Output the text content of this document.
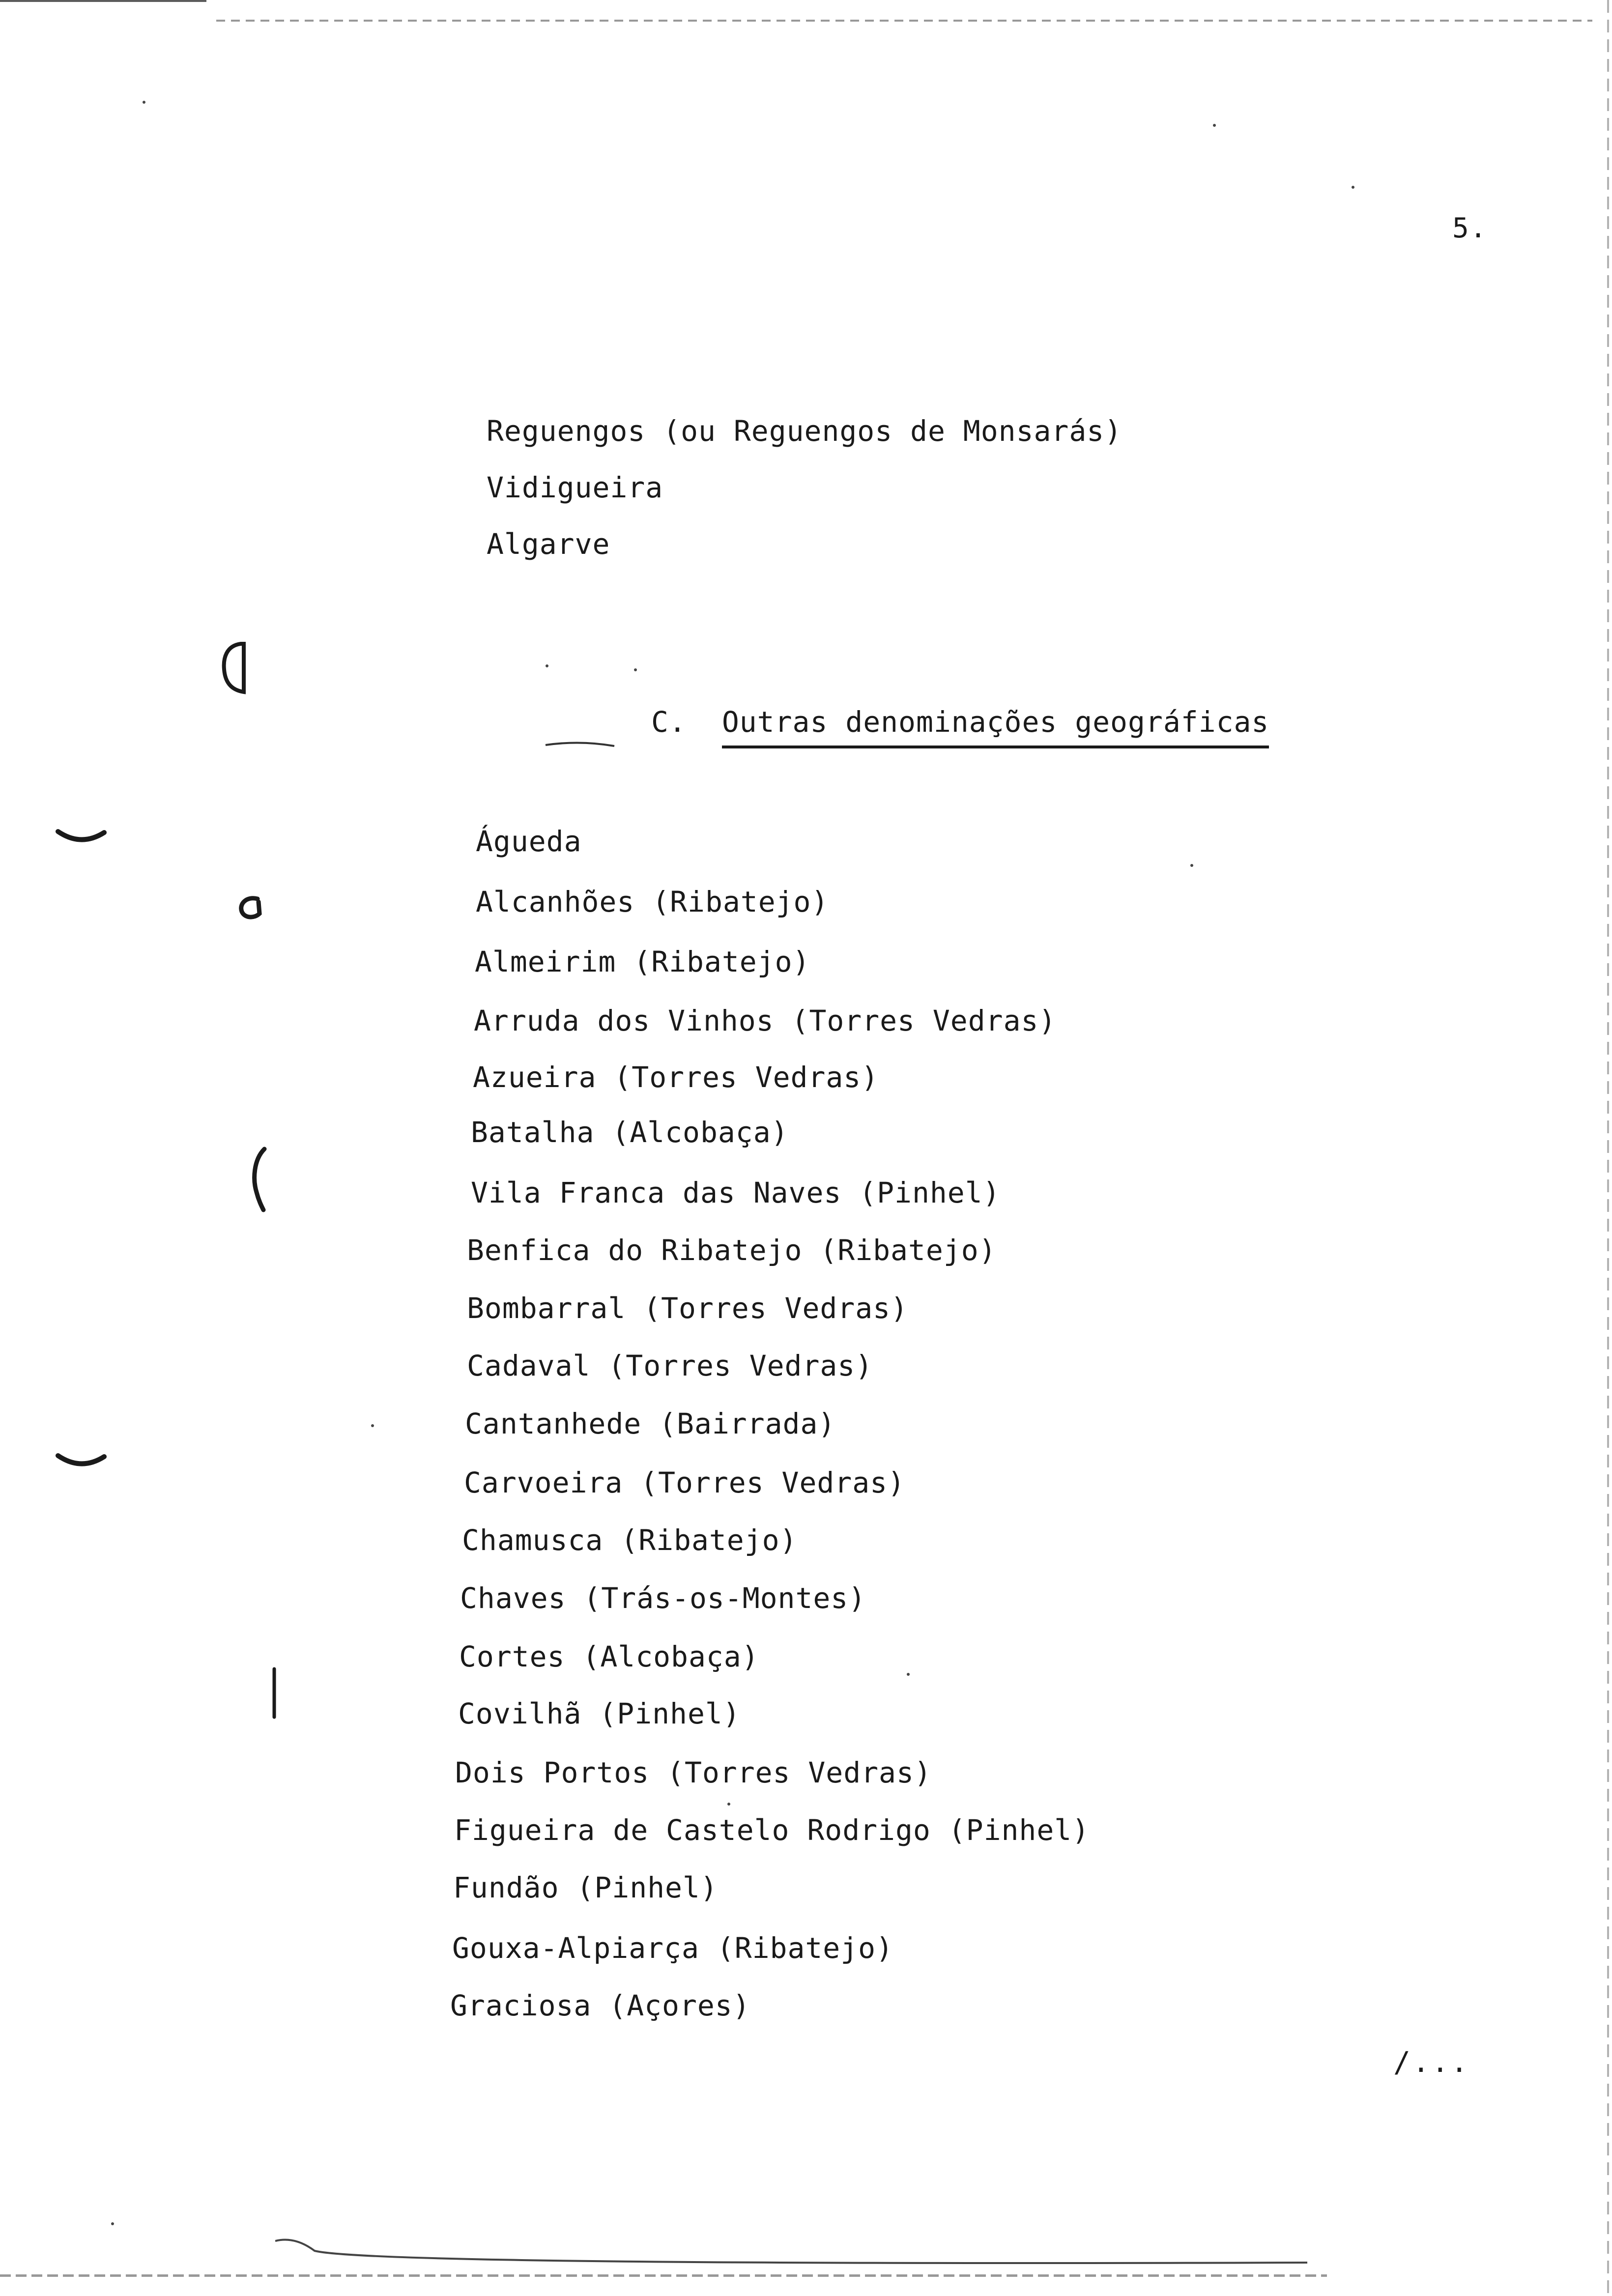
5.
Reguengos (ou Reguengos de Monsarás)
Vidigueira
Algarve
C. Outras denominações geográficas
Águeda
Alcanhões (Ribatejo)
Almeirim (Ribatejo)
Arruda dos Vinhos (Torres Vedras)
Azueira (Torres Vedras)
Batalha (Alcobaça)
Vila Franca das Naves (Pinhel)
Benfica do Ribatejo (Ribatejo)
Bombarral (Torres Vedras)
Cadaval (Torres Vedras)
Cantanhede (Bairrada)
Carvoeira (Torres Vedras)
Chamusca (Ribatejo)
Chaves (Trás-os-Montes)
Cortes (Alcobaça)
Covilhã (Pinhel)
Dois Portos (Torres Vedras)
Figueira de Castelo Rodrigo (Pinhel)
Fundão (Pinhel)
Gouxa-Alpiarça (Ribatejo)
Graciosa (Açores)
/...
